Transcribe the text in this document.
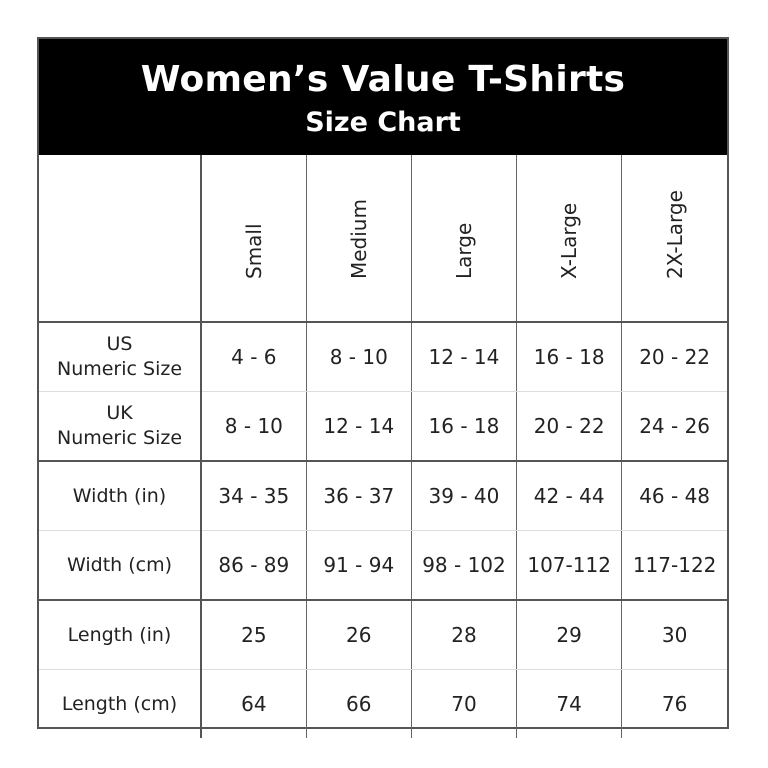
Women’s Value T-Shirts
Size Chart

	Small	Medium	Large	X-Large	2X-Large

US
Numeric Size	4 - 6	8 - 10	12 - 14	16 - 18	20 - 22
UK
Numeric Size	8 - 10	12 - 14	16 - 18	20 - 22	24 - 26
Width (in)	34 - 35	36 - 37	39 - 40	42 - 44	46 - 48
Width (cm)	86 - 89	91 - 94	98 - 102	107-112	117-122
Length (in)	25	26	28	29	30
Length (cm)	64	66	70	74	76
